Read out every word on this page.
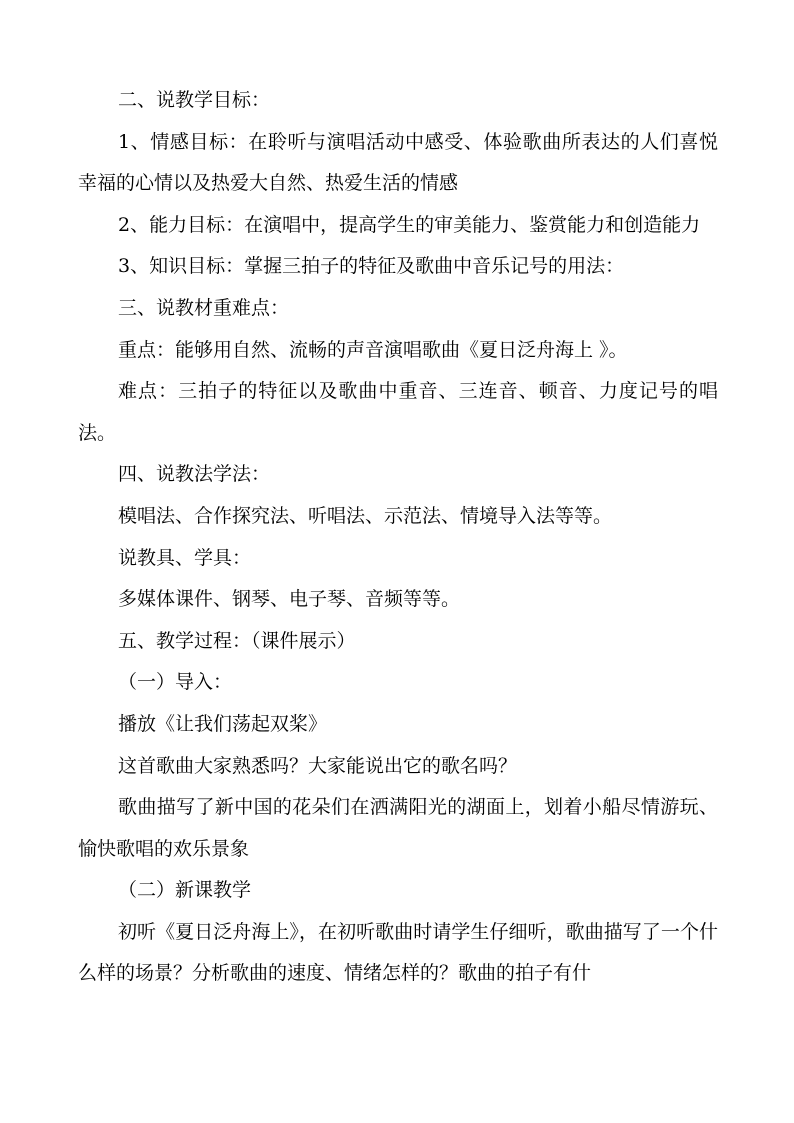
二、说教学目标：

1、情感目标：在聆听与演唱活动中感受、体验歌曲所表达的人们喜悦幸福的心情以及热爱大自然、热爱生活的情感

2、能力目标：在演唱中，提高学生的审美能力、鉴赏能力和创造能力

3、知识目标：掌握三拍子的特征及歌曲中音乐记号的用法：

三、说教材重难点：

重点：能够用自然、流畅的声音演唱歌曲《夏日泛舟海上 》。

难点：三拍子的特征以及歌曲中重音、三连音、顿音、力度记号的唱法。

四、说教法学法：

模唱法、合作探究法、听唱法、示范法、情境导入法等等。

说教具、学具：

多媒体课件、钢琴、电子琴、音频等等。

五、教学过程：（课件展示）

（一）导入：

播放《让我们荡起双桨》

这首歌曲大家熟悉吗？大家能说出它的歌名吗？

歌曲描写了新中国的花朵们在洒满阳光的湖面上，划着小船尽情游玩、愉快歌唱的欢乐景象

（二）新课教学

初听《夏日泛舟海上》，在初听歌曲时请学生仔细听，歌曲描写了一个什么样的场景？分析歌曲的速度、情绪怎样的？歌曲的拍子有什
